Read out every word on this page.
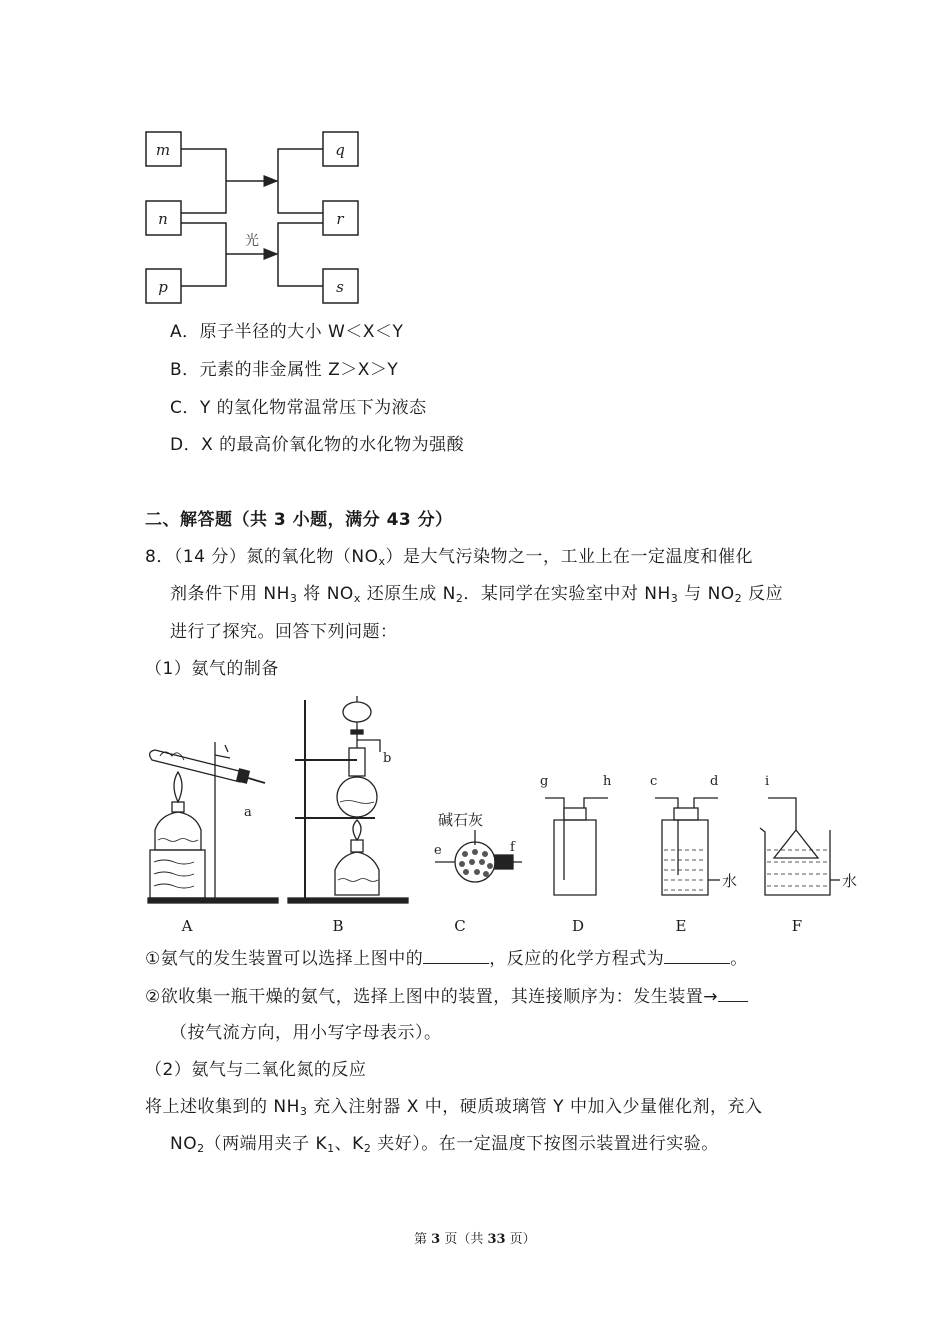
m
n
p
q
r
s
光
A．原子半径的大小 W＜X＜Y
B．元素的非金属性 Z＞X＞Y
C．Y 的氢化物常温常压下为液态
D．X 的最高价氧化物的水化物为强酸
二、解答题（共 3 小题，满分 43 分）
8．（14 分）氮的氧化物$(NO_x)$是大气污染物之一，工业上在一定温度和催化
剂条件下用 $NH_3$ 将 $NO_x$ 还原生成 $N_2$．某同学在实验室中对 $NH_3$ 与 $NO_2$ 反应
进行了探究。回答下列问题：
（1）氨气的制备
a
b
碱石灰
e	f
g	h	c	d
水
i
水
A	B	C	D	E	F
①氨气的发生装置可以选择上图中的	，反应的化学方程式为	。
②欲收集一瓶干燥的氨气，选择上图中的装置，其连接顺序为：发生装置→
（按气流方向，用小写字母表示）。
（2）氨气与二氧化氮的反应
将上述收集到的 $NH_3$ 充入注射器 X 中，硬质玻璃管 Y 中加入少量催化剂，充入
$NO_2$（两端用夹子 $K_1$、$K_2$ 夹好）。在一定温度下按图示装置进行实验。
第 3 页（共 33 页）
